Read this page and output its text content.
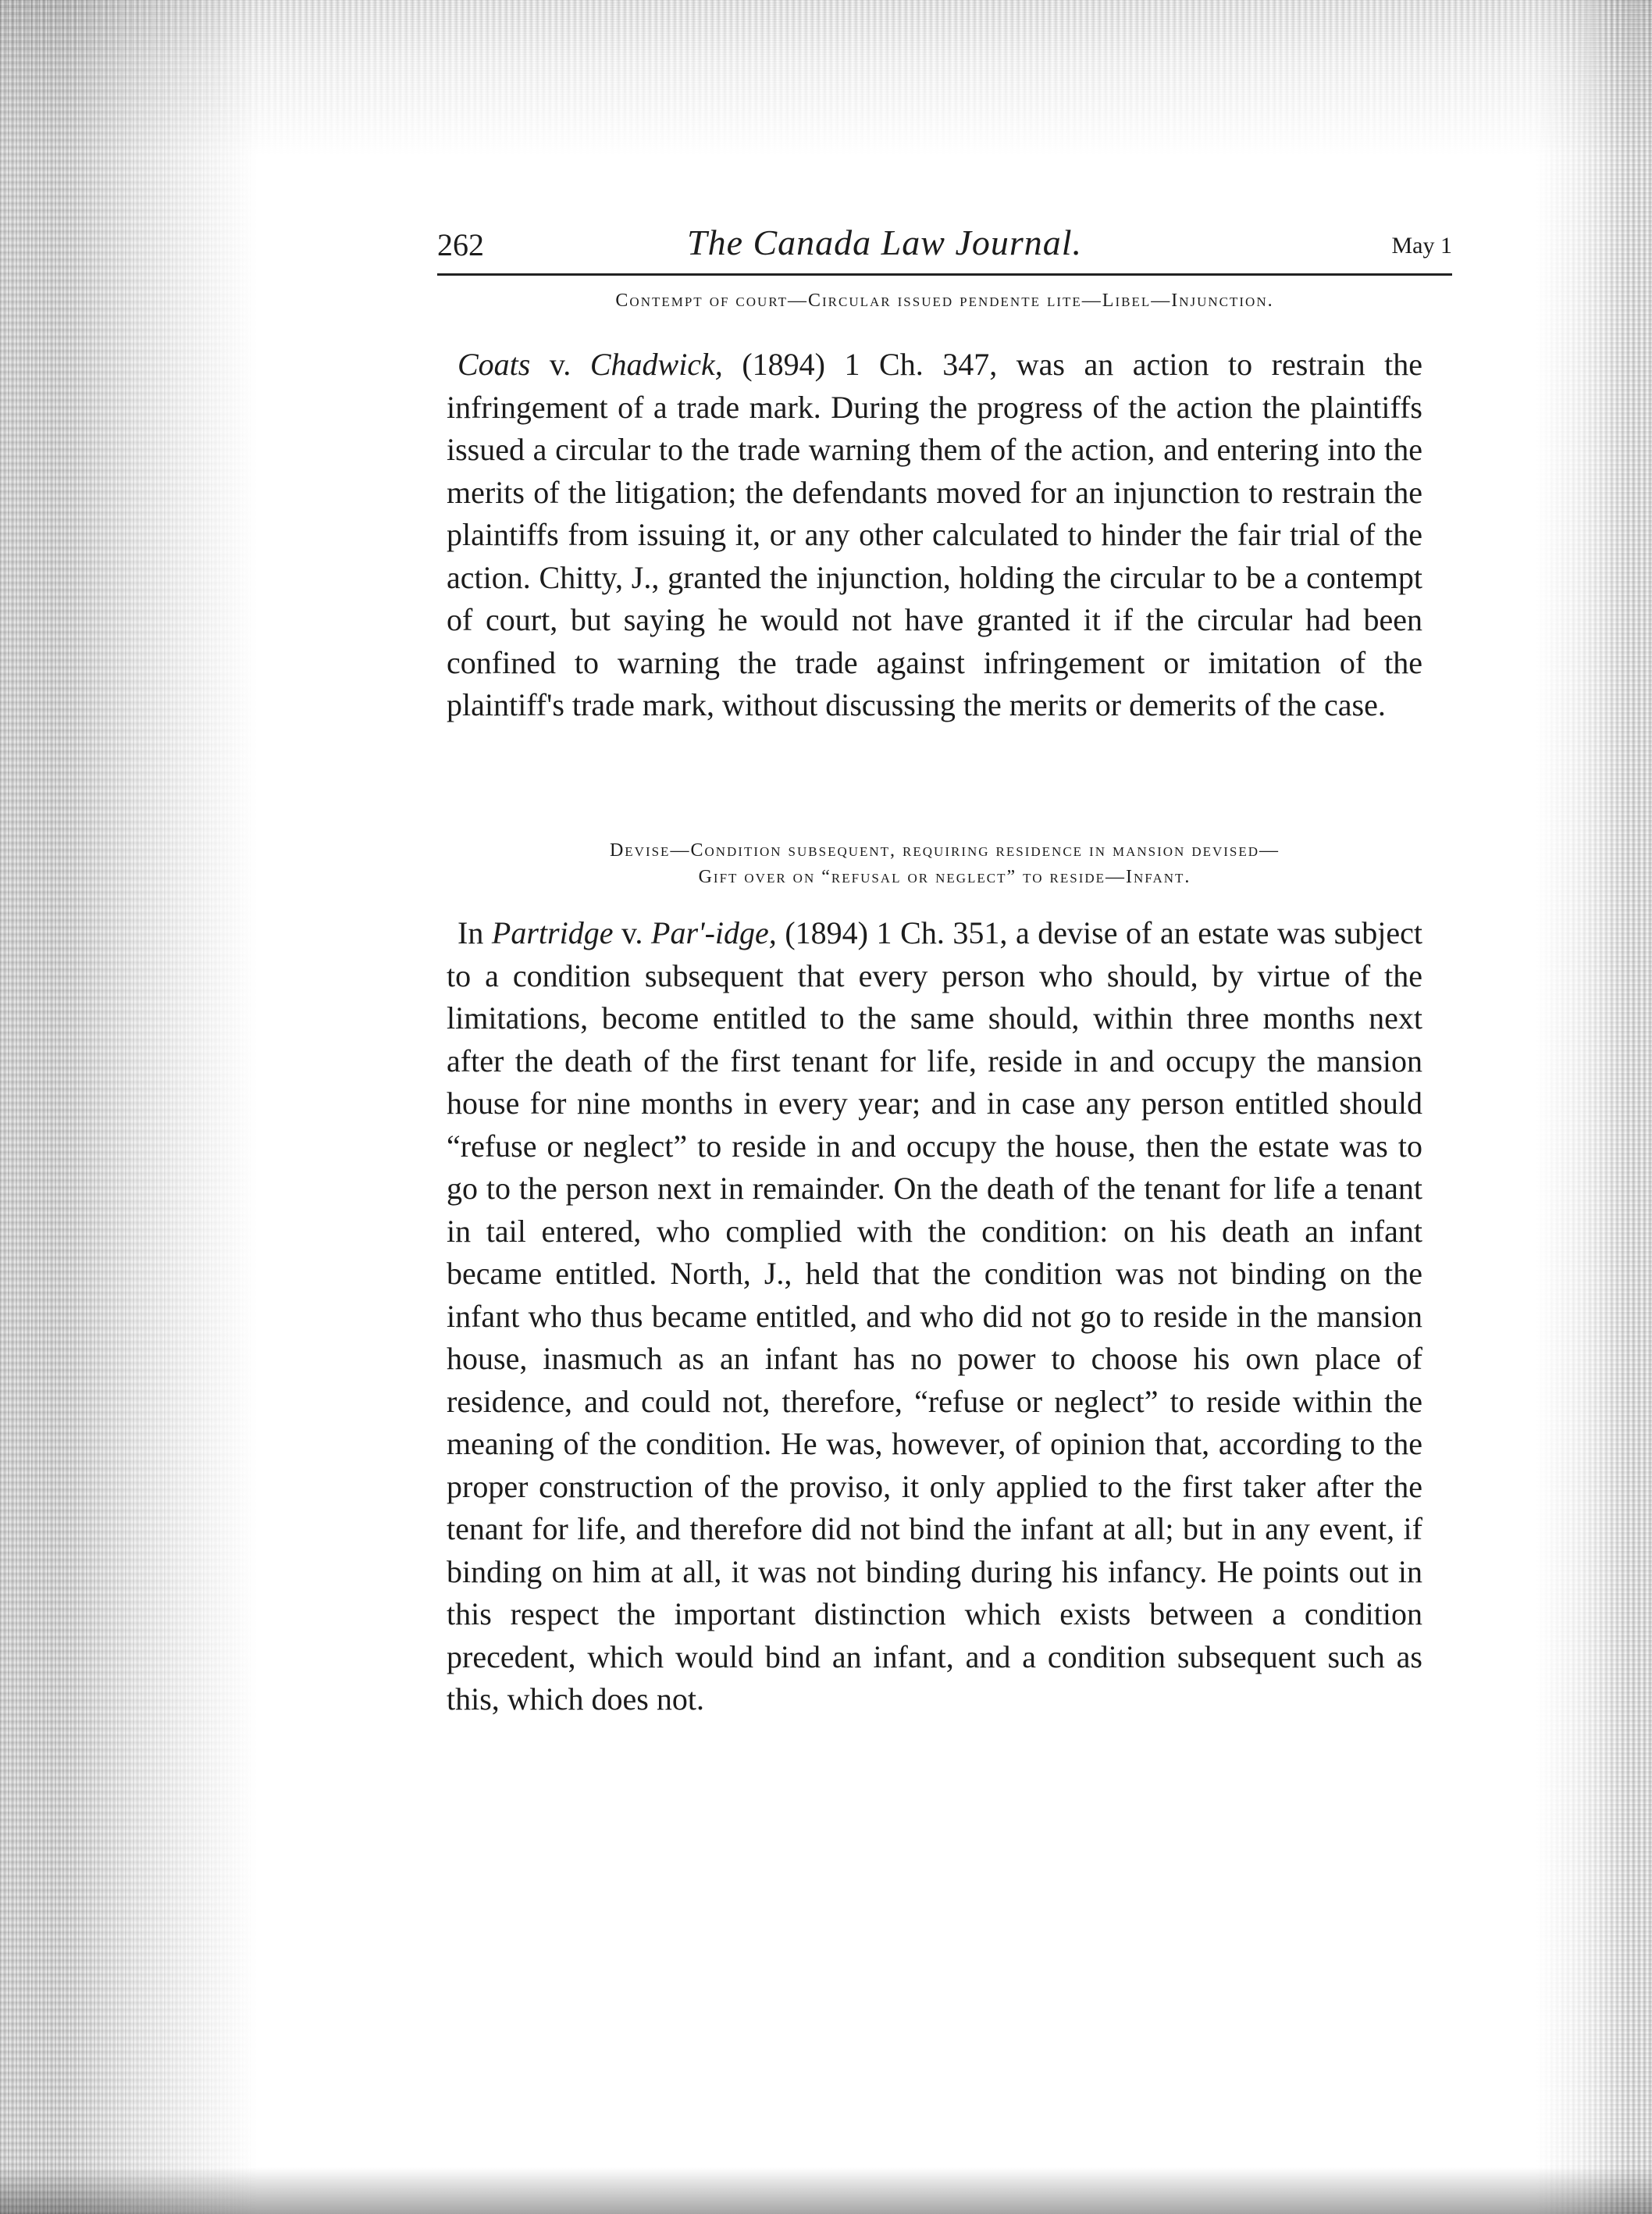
262	The Canada Law Journal.	May 1
Contempt of court—Circular issued pendente lite—Libel—Injunction.

Coats v. Chadwick, (1894) 1 Ch. 347, was an action to restrain the infringement of a trade mark. During the progress of the action the plaintiffs issued a circular to the trade warning them of the action, and entering into the merits of the litigation; the defendants moved for an injunction to restrain the plaintiffs from issuing it, or any other calculated to hinder the fair trial of the action. Chitty, J., granted the injunction, holding the circular to be a contempt of court, but saying he would not have granted it if the circular had been confined to warning the trade against infringement or imitation of the plaintiff's trade mark, without discussing the merits or demerits of the case.

Devise—Condition subsequent, requiring residence in mansion devised—
Gift over on “refusal or neglect” to reside—Infant.

In Partridge v. Par'-idge, (1894) 1 Ch. 351, a devise of an estate was subject to a condition subsequent that every person who should, by virtue of the limitations, become entitled to the same should, within three months next after the death of the first tenant for life, reside in and occupy the mansion house for nine months in every year; and in case any person entitled should “refuse or neglect” to reside in and occupy the house, then the estate was to go to the person next in remainder. On the death of the tenant for life a tenant in tail entered, who complied with the condition: on his death an infant became entitled. North, J., held that the condition was not binding on the infant who thus became entitled, and who did not go to reside in the mansion house, inasmuch as an infant has no power to choose his own place of residence, and could not, therefore, “refuse or neglect” to reside within the meaning of the condition. He was, however, of opinion that, according to the proper construction of the proviso, it only applied to the first taker after the tenant for life, and therefore did not bind the infant at all; but in any event, if binding on him at all, it was not binding during his infancy. He points out in this respect the important distinction which exists between a condition precedent, which would bind an infant, and a condition subsequent such as this, which does not.
